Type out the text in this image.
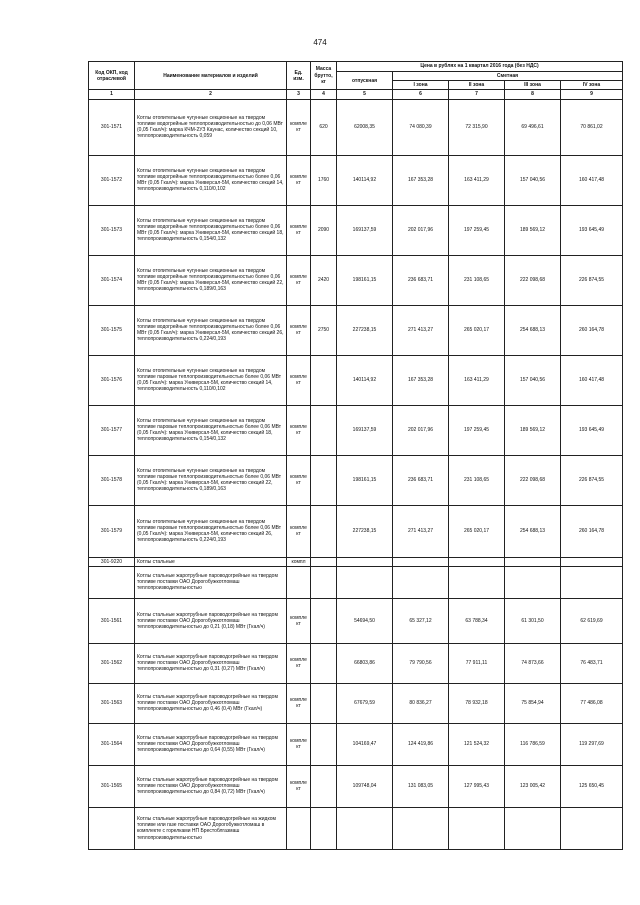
474
Код ОКП, код отраслевой	Наименование материалов и изделий	Ед. изм.	Масса брутто, кг	Цена в рублях на 1 квартал 2016 года (без НДС)				
				отпускная	Сметная			
					I зона	II зона	III зона	IV зона
1	2	3	4	5	6	7	8	9
301-1571	Котлы отопительные чугунные секционные на твердом топливе водогрейные теплопроизводительностью до 0,06 МВт (0,05 Гкал/ч): марка КЧМ-2УЗ Каунас, количество секций 10, теплопроизводительность 0,059	компле кт	620	62008,35	74 080,39	72 315,90	69 496,61	70 861,02
301-1572	Котлы отопительные чугунные секционные на твердом топливе водогрейные теплопроизводительностью более 0,06 МВт (0,05 Гкал/ч): марка Универсал-5М, количество секций 14, теплопроизводительность 0,110/0,102	компле кт	1760	140114,92	167 353,28	163 411,29	157 040,56	160 417,48
301-1573	Котлы отопительные чугунные секционные на твердом топливе водогрейные теплопроизводительностью более 0,06 МВт (0,05 Гкал/ч): марка Универсал-5М, количество секций 18, теплопроизводительность 0,154/0,132	компле кт	2090	169137,59	202 017,96	197 259,45	189 569,12	193 645,49
301-1574	Котлы отопительные чугунные секционные на твердом топливе водогрейные теплопроизводительностью более 0,06 МВт (0,05 Гкал/ч): марка Универсал-5М, количество секций 22, теплопроизводительность 0,189/0,163	компле кт	2420	198161,15	236 683,71	231 108,65	222 098,68	226 874,55
301-1575	Котлы отопительные чугунные секционные на твердом топливе водогрейные теплопроизводительностью более 0,06 МВт (0,05 Гкал/ч): марка Универсал-5М, количество секций 26, теплопроизводительность 0,224/0,193	компле кт	2750	227238,15	271 413,27	265 020,17	254 688,13	260 164,78
301-1576	Котлы отопительные чугунные секционные на твердом топливе паровые теплопроизводительностью более 0,06 МВт (0,05 Гкал/ч): марка Универсал-5М, количество секций 14, теплопроизводительность 0,110/0,102	компле кт		140114,92	167 353,28	163 411,29	157 040,56	160 417,48
301-1577	Котлы отопительные чугунные секционные на твердом топливе паровые теплопроизводительностью более 0,06 МВт (0,05 Гкал/ч): марка Универсал-5М, количество секций 18, теплопроизводительность 0,154/0,132	компле кт		169137,59	202 017,96	197 259,45	189 569,12	193 645,49
301-1578	Котлы отопительные чугунные секционные на твердом топливе паровые теплопроизводительностью более 0,06 МВт (0,05 Гкал/ч): марка Универсал-5М, количество секций 22, теплопроизводительность 0,189/0,163	компле кт		198161,15	236 683,71	231 108,65	222 098,68	226 874,55
301-1579	Котлы отопительные чугунные секционные на твердом топливе паровые теплопроизводительностью более 0,06 МВт (0,05 Гкал/ч): марка Универсал-5М, количество секций 26, теплопроизводительность 0,224/0,193	компле кт		227238,15	271 413,27	265 020,17	254 688,13	260 164,78
301-9220	Котлы стальные	компл						
	Котлы стальные жаротрубные пароводогрейные на твердом топливе поставки ОАО Дорогобужкотломаш теплопроизводительностью							
301-1561	Котлы стальные жаротрубные пароводогрейные на твердом топливе поставки ОАО Дорогобужкотломаш теплопроизводительностью до 0,21 (0,18) МВт (Гкал/ч)	компле кт		54694,50	65 327,12	63 788,34	61 301,50	62 619,69
301-1562	Котлы стальные жаротрубные пароводогрейные на твердом топливе поставки ОАО Дорогобужкотломаш теплопроизводительностью до 0,31 (0,27) МВт (Гкал/ч)	компле кт		66803,86	79 790,56	77 911,11	74 873,66	76 483,71
301-1563	Котлы стальные жаротрубные пароводогрейные на твердом топливе поставки ОАО Дорогобужкотломаш теплопроизводительностью до 0,46 (0,4) МВт (Гкал/ч)	компле кт		67679,59	80 836,27	78 932,18	75 854,94	77 486,08
301-1564	Котлы стальные жаротрубные пароводогрейные на твердом топливе поставки ОАО Дорогобужкотломаш теплопроизводительностью до 0,64 (0,55) МВт (Гкал/ч)	компле кт		104169,47	124 419,86	121 524,32	116 786,59	119 297,69
301-1565	Котлы стальные жаротрубные пароводогрейные на твердом топливе поставки ОАО Дорогобужкотломаш теплопроизводительностью до 0,84 (0,72) МВт (Гкал/ч)	компле кт		109748,04	131 083,05	127 995,43	123 005,42	125 650,45
	Котлы стальные жаротрубные пароводогрейные на жидком топливе или газе поставки ОАО Дорогобужкотломаш в комплекте с горелками НП Брестоблгазмаш теплопроизводительностью							
